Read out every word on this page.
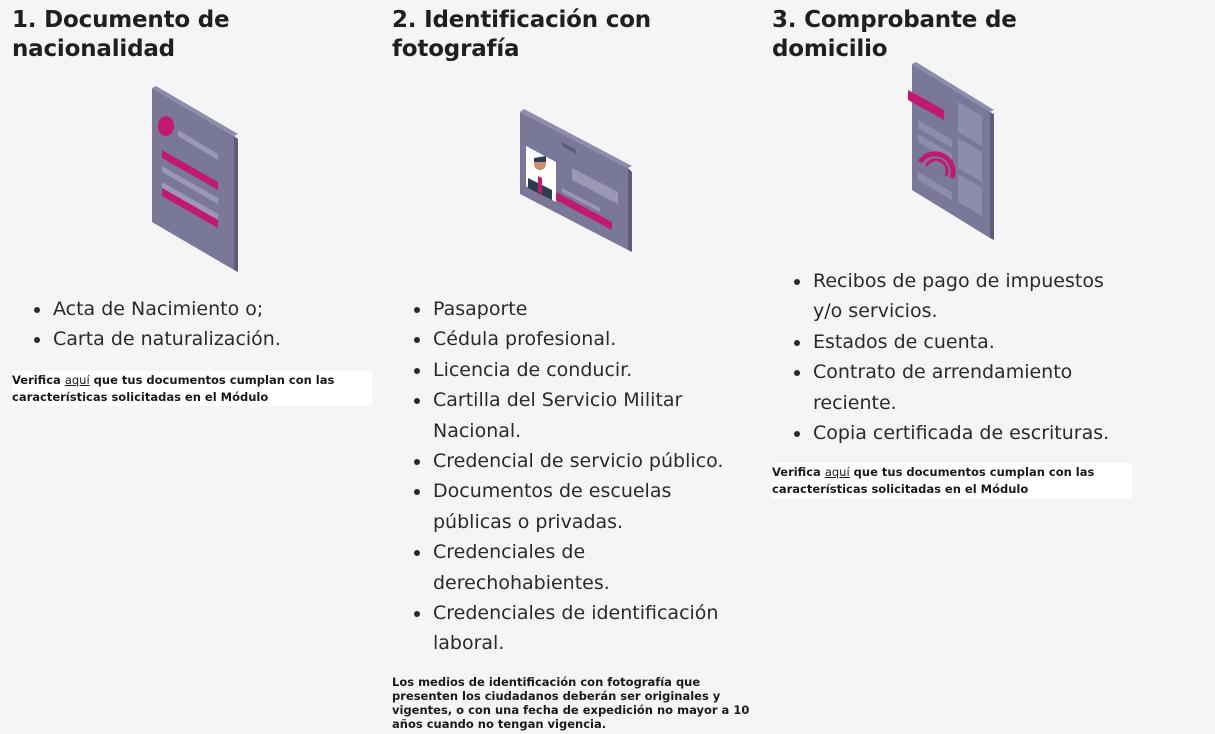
1. Documento de nacionalidad
Acta de Nacimiento o;
Carta de naturalización.
Verifica aquí que tus documentos cumplan con las características solicitadas en el Módulo
2. Identificación con fotografía
Pasaporte
Cédula profesional.
Licencia de conducir.
Cartilla del Servicio Militar Nacional.
Credencial de servicio público.
Documentos de escuelas públicas o privadas.
Credenciales de derechohabientes.
Credenciales de identificación laboral.
Los medios de identificación con fotografía que presenten los ciudadanos deberán ser originales y vigentes, o con una fecha de expedición no mayor a 10 años cuando no tengan vigencia.
3. Comprobante de domicilio
Recibos de pago de impuestos y/o servicios.
Estados de cuenta.
Contrato de arrendamiento reciente.
Copia certificada de escrituras.
Verifica aquí que tus documentos cumplan con las características solicitadas en el Módulo
